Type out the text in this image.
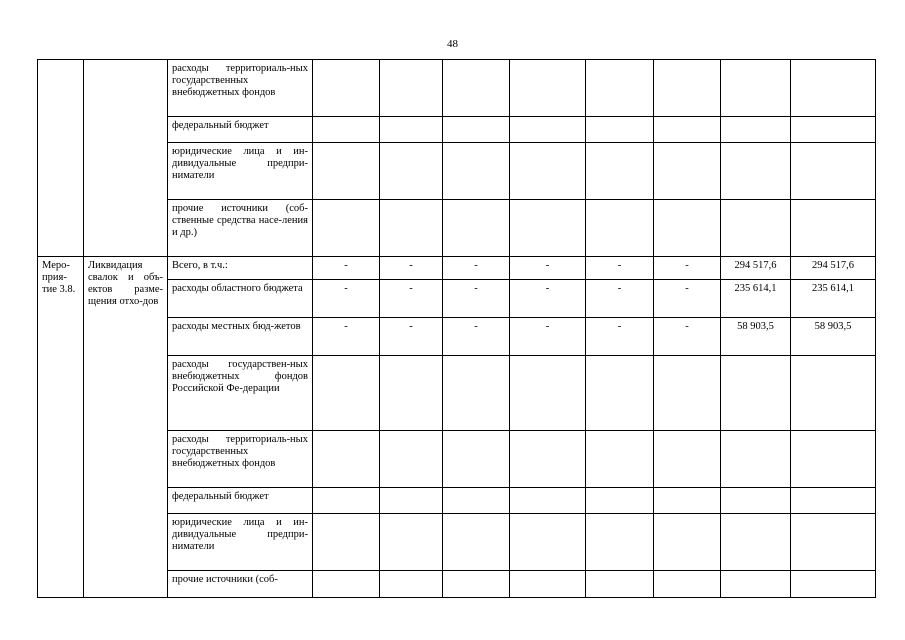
48
		расходы территориаль-ных государственных внебюджетных фондов								
		федеральный бюджет								
		юридические лица и ин-дивидуальные предпри-ниматели								
		прочие источники (соб-ственные средства насе-ления и др.)								
Меро-прия-тие 3.8.	Ликвидация свалок и объ-ектов разме-щения отхо-дов	Всего, в т.ч.:	-	-	-	-	-	-	294 517,6	294 517,6
		расходы областного бюджета	-	-	-	-	-	-	235 614,1	235 614,1
		расходы местных бюд-жетов	-	-	-	-	-	-	58 903,5	58 903,5
		расходы государствен-ных внебюджетных фондов Российской Фе-дерации								
		расходы территориаль-ных государственных внебюджетных фондов								
		федеральный бюджет								
		юридические лица и ин-дивидуальные предпри-ниматели								
		прочие источники (соб-								
